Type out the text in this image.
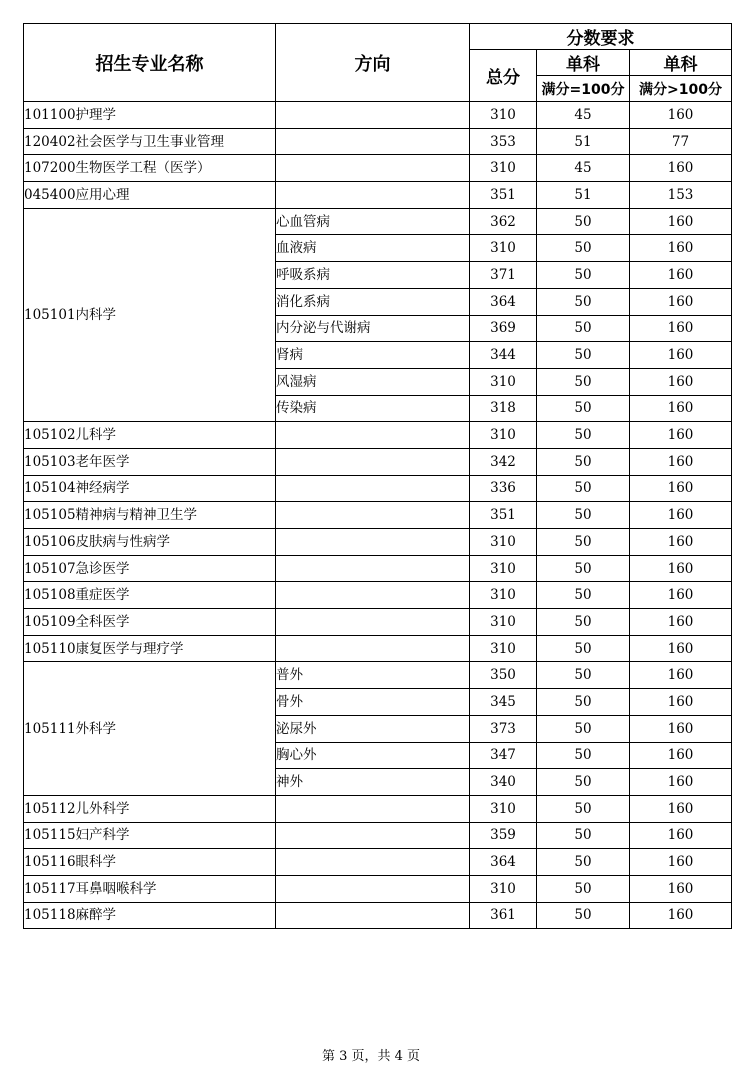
招生专业名称	方向	分数要求		
		总分	单科	单科
			满分=100分	满分>100分
101100护理学		310	45	160
120402社会医学与卫生事业管理		353	51	77
107200生物医学工程（医学）		310	45	160
045400应用心理		351	51	153
105101内科学	心血管病	362	50	160
	血液病	310	50	160
	呼吸系病	371	50	160
	消化系病	364	50	160
	内分泌与代谢病	369	50	160
	肾病	344	50	160
	风湿病	310	50	160
	传染病	318	50	160
105102儿科学		310	50	160
105103老年医学		342	50	160
105104神经病学		336	50	160
105105精神病与精神卫生学		351	50	160
105106皮肤病与性病学		310	50	160
105107急诊医学		310	50	160
105108重症医学		310	50	160
105109全科医学		310	50	160
105110康复医学与理疗学		310	50	160
105111外科学	普外	350	50	160
	骨外	345	50	160
	泌尿外	373	50	160
	胸心外	347	50	160
	神外	340	50	160
105112儿外科学		310	50	160
105115妇产科学		359	50	160
105116眼科学		364	50	160
105117耳鼻咽喉科学		310	50	160
105118麻醉学		361	50	160
第 3 页，共 4 页
